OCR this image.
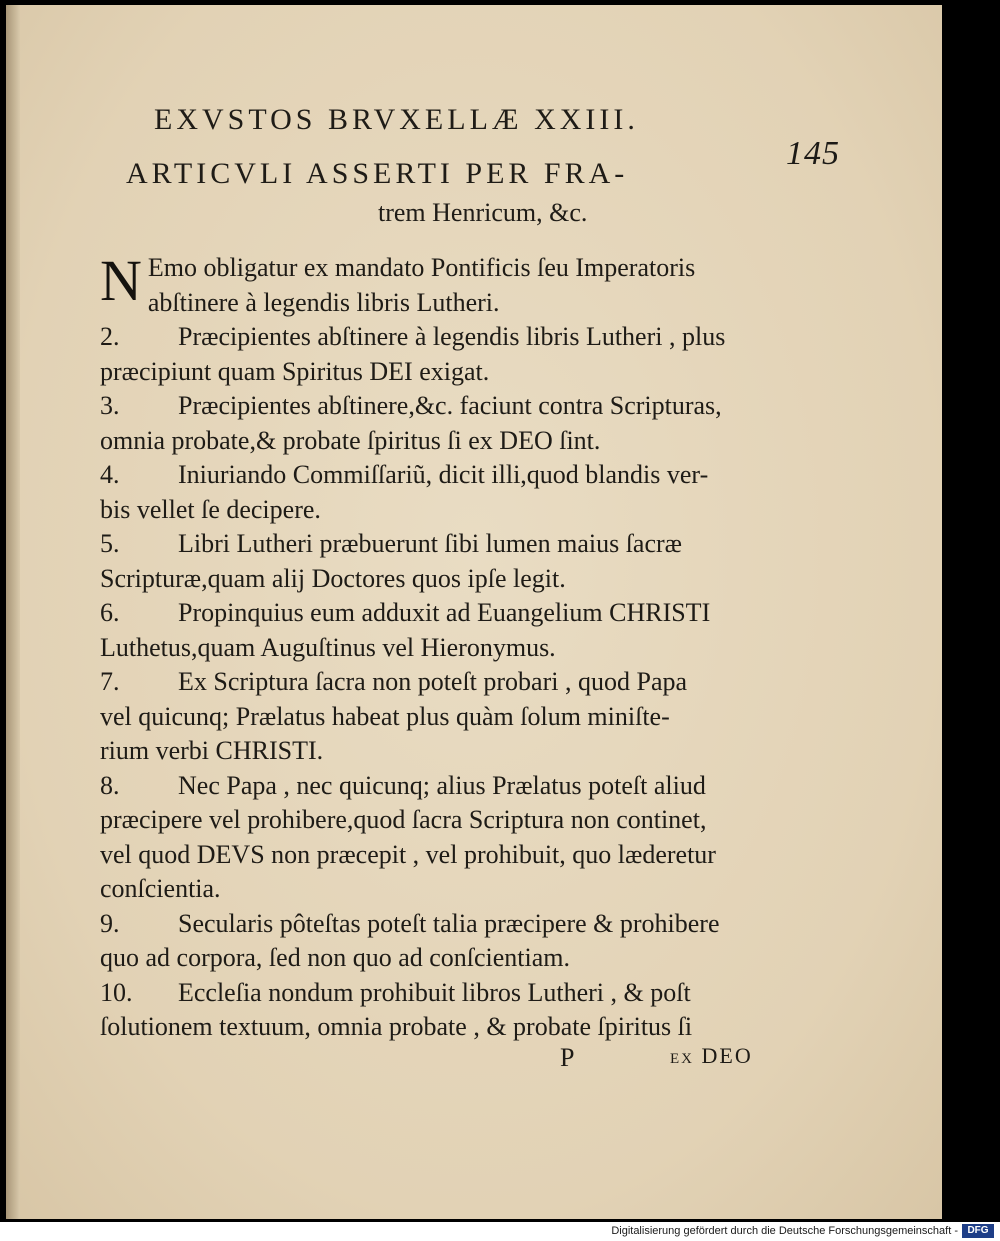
145
EXVSTOS BRVXELLÆ XXIII.
ARTICVLI ASSERTI PER FRA-
trem Henricum, &c.
N Emo obligatur ex mandato Pontificis ſeu Imperatoris
abſtinere à legendis libris Lutheri.
2. Præcipientes abſtinere à legendis libris Lutheri , plus
præcipiunt quam Spiritus DEI exigat.
3. Præcipientes abſtinere,&c. faciunt contra Scripturas,
omnia probate,& probate ſpiritus ſi ex DEO ſint.
4. Iniuriando Commiſſariũ, dicit illi,quod blandis ver-
bis vellet ſe decipere.
5. Libri Lutheri præbuerunt ſibi lumen maius ſacræ
Scripturæ,quam alij Doctores quos ipſe legit.
6. Propinquius eum adduxit ad Euangelium CHRISTI
Luthetus,quam Auguſtinus vel Hieronymus.
7. Ex Scriptura ſacra non poteſt probari , quod Papa
vel quicunq; Prælatus habeat plus quàm ſolum miniſte-
rium verbi CHRISTI.
8. Nec Papa , nec quicunq; alius Prælatus poteſt aliud
præcipere vel prohibere,quod ſacra Scriptura non continet,
vel quod DEVS non præcepit , vel prohibuit, quo læderetur
conſcientia.
9. Secularis pôteſtas poteſt talia præcipere & prohibere
quo ad corpora, ſed non quo ad conſcientiam.
10. Eccleſia nondum prohibuit libros Lutheri , & poſt
ſolutionem textuum, omnia probate , & probate ſpiritus ſi
P	ex DEO
Digitalisierung gefördert durch die Deutsche Forschungsgemeinschaft - DFG
